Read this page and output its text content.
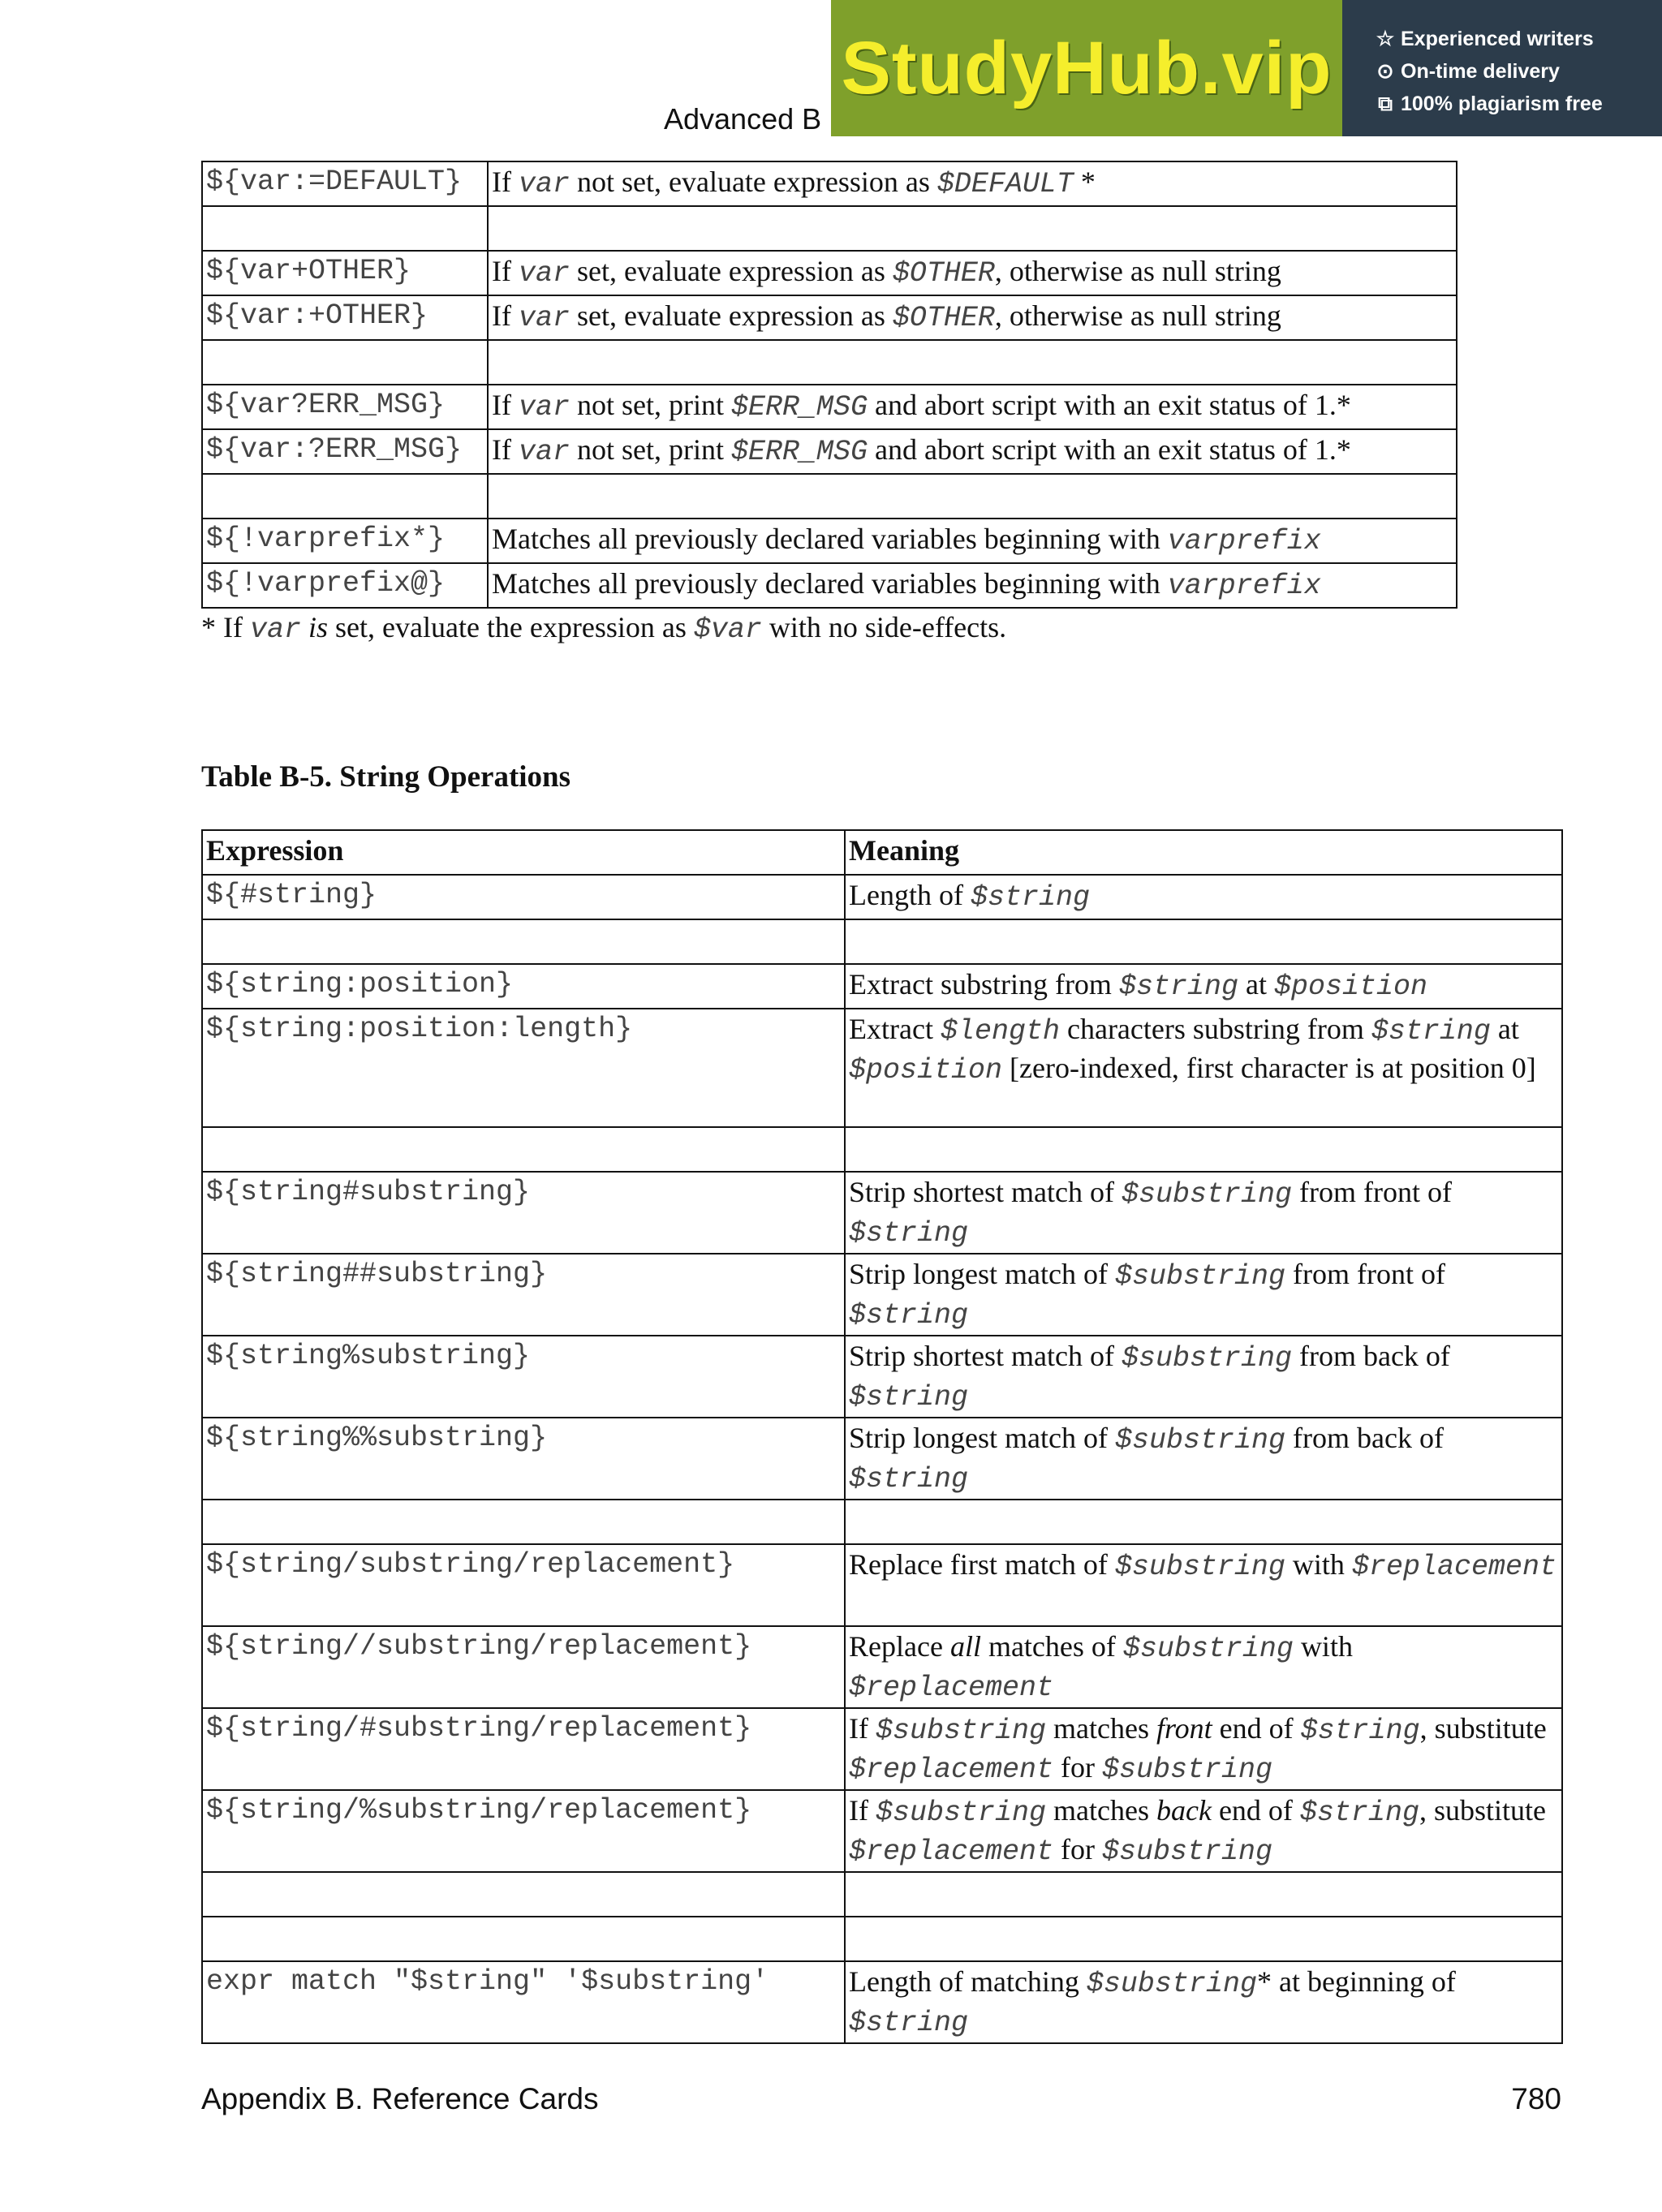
Advanced B
StudyHub.vip ☆ Experienced writers
⊙ On-time delivery
⧉ 100% plagiarism free
${var:=DEFAULT}	If var not set, evaluate expression as $DEFAULT *

${var+OTHER}	If var set, evaluate expression as $OTHER, otherwise as null string
${var:+OTHER}	If var set, evaluate expression as $OTHER, otherwise as null string

${var?ERR_MSG}	If var not set, print $ERR_MSG and abort script with an exit status of 1.*
${var:?ERR_MSG}	If var not set, print $ERR_MSG and abort script with an exit status of 1.*

${!varprefix*}	Matches all previously declared variables beginning with varprefix
${!varprefix@}	Matches all previously declared variables beginning with varprefix
* If var is set, evaluate the expression as $var with no side-effects.
Table B-5. String Operations
Expression	Meaning
${#string}	Length of $string

${string:position}	Extract substring from $string at $position
${string:position:length}	Extract $length characters substring from $string at $position [zero-indexed, first character is at position 0]

${string#substring}	Strip shortest match of $substring from front of $string
${string##substring}	Strip longest match of $substring from front of $string
${string%substring}	Strip shortest match of $substring from back of $string
${string%%substring}	Strip longest match of $substring from back of $string

${string/substring/replacement}	Replace first match of $substring with $replacement
${string//substring/replacement}	Replace all matches of $substring with $replacement
${string/#substring/replacement}	If $substring matches front end of $string, substitute $replacement for $substring
${string/%substring/replacement}	If $substring matches back end of $string, substitute $replacement for $substring

expr match "$string" '$substring'	Length of matching $substring* at beginning of $string
Appendix B. Reference Cards	780
